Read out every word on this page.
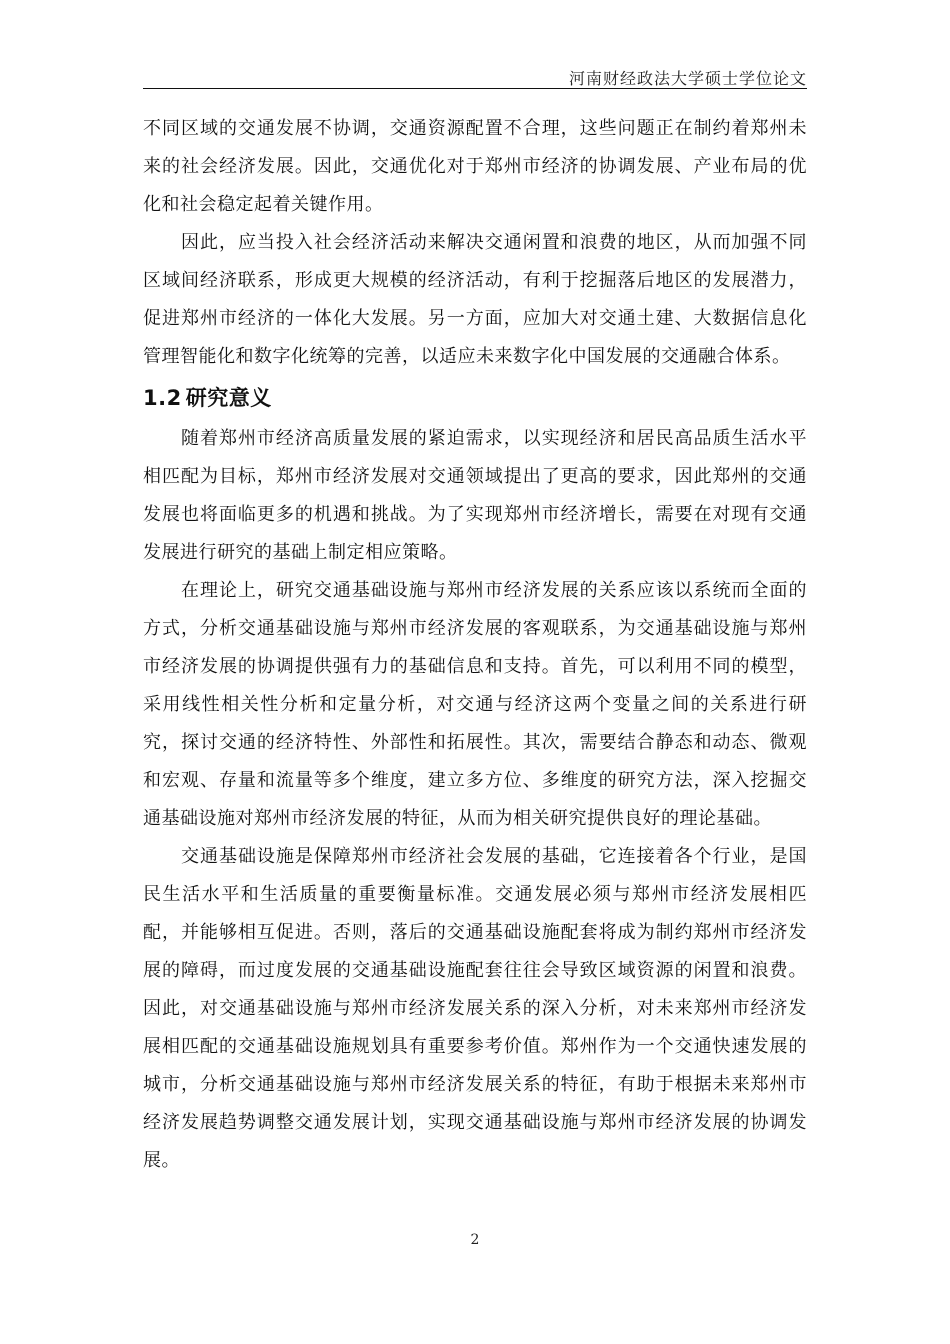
河南财经政法大学硕士学位论文

不同区域的交通发展不协调，交通资源配置不合理，这些问题正在制约着郑州未来的社会经济发展。因此，交通优化对于郑州市经济的协调发展、产业布局的优化和社会稳定起着关键作用。

因此，应当投入社会经济活动来解决交通闲置和浪费的地区，从而加强不同区域间经济联系，形成更大规模的经济活动，有利于挖掘落后地区的发展潜力，促进郑州市经济的一体化大发展。另一方面，应加大对交通土建、大数据信息化管理智能化和数字化统筹的完善，以适应未来数字化中国发展的交通融合体系。

1.2 研究意义

随着郑州市经济高质量发展的紧迫需求，以实现经济和居民高品质生活水平相匹配为目标，郑州市经济发展对交通领域提出了更高的要求，因此郑州的交通发展也将面临更多的机遇和挑战。为了实现郑州市经济增长，需要在对现有交通发展进行研究的基础上制定相应策略。

在理论上，研究交通基础设施与郑州市经济发展的关系应该以系统而全面的方式，分析交通基础设施与郑州市经济发展的客观联系，为交通基础设施与郑州市经济发展的协调提供强有力的基础信息和支持。首先，可以利用不同的模型，采用线性相关性分析和定量分析，对交通与经济这两个变量之间的关系进行研究，探讨交通的经济特性、外部性和拓展性。其次，需要结合静态和动态、微观和宏观、存量和流量等多个维度，建立多方位、多维度的研究方法，深入挖掘交通基础设施对郑州市经济发展的特征，从而为相关研究提供良好的理论基础。

交通基础设施是保障郑州市经济社会发展的基础，它连接着各个行业，是国民生活水平和生活质量的重要衡量标准。交通发展必须与郑州市经济发展相匹配，并能够相互促进。否则，落后的交通基础设施配套将成为制约郑州市经济发展的障碍，而过度发展的交通基础设施配套往往会导致区域资源的闲置和浪费。因此，对交通基础设施与郑州市经济发展关系的深入分析，对未来郑州市经济发展相匹配的交通基础设施规划具有重要参考价值。郑州作为一个交通快速发展的城市，分析交通基础设施与郑州市经济发展关系的特征，有助于根据未来郑州市经济发展趋势调整交通发展计划，实现交通基础设施与郑州市经济发展的协调发展。

2
